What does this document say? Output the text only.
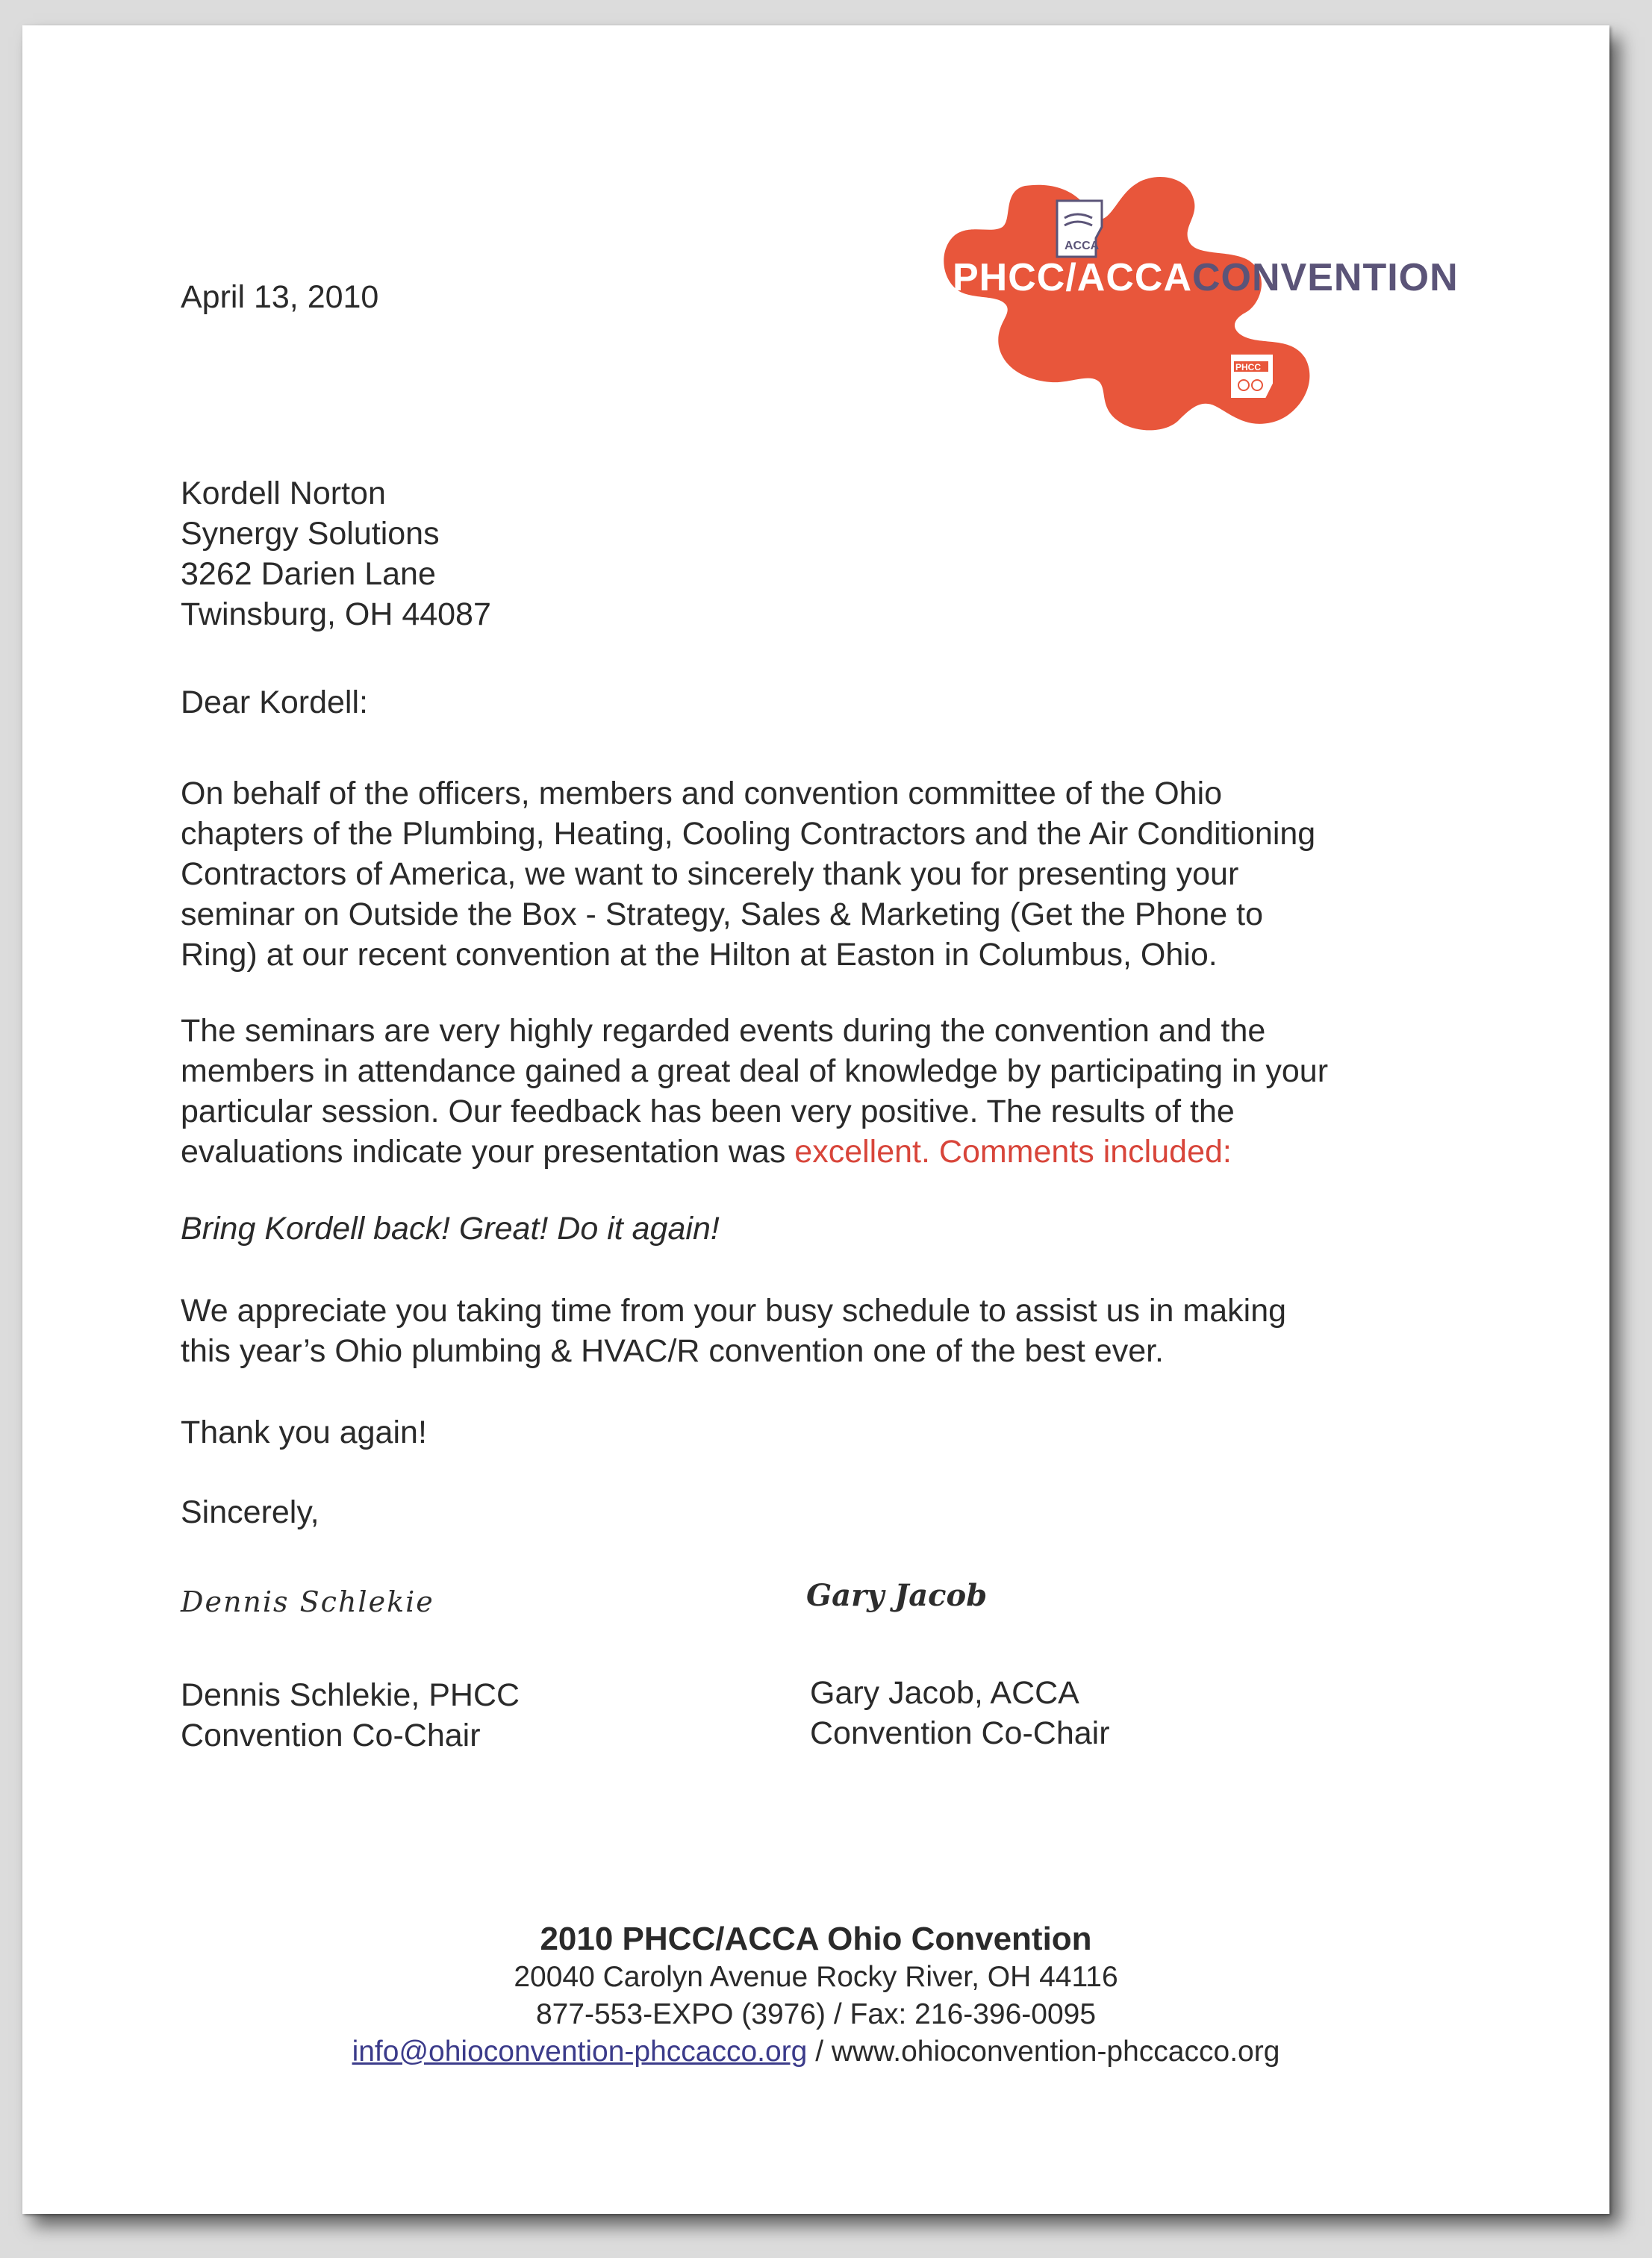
ACCA
PHCC
PHCC/ACCACONVENTION
April 13, 2010
Kordell Norton
Synergy Solutions
3262 Darien Lane
Twinsburg, OH 44087
Dear Kordell:
On behalf of the officers, members and convention committee of the Ohio
chapters of the Plumbing, Heating, Cooling Contractors and the Air Conditioning
Contractors of America, we want to sincerely thank you for presenting your
seminar on Outside the Box - Strategy, Sales & Marketing (Get the Phone to
Ring) at our recent convention at the Hilton at Easton in Columbus, Ohio.
The seminars are very highly regarded events during the convention and the
members in attendance gained a great deal of knowledge by participating in your
particular session. Our feedback has been very positive. The results of the
evaluations indicate your presentation was excellent. Comments included:
Bring Kordell back! Great! Do it again!
We appreciate you taking time from your busy schedule to assist us in making
this year’s Ohio plumbing & HVAC/R convention one of the best ever.
Thank you again!
Sincerely,
Dennis Schlekie	Gary Jacob
Dennis Schlekie, PHCC
Convention Co-Chair
Gary Jacob, ACCA
Convention Co-Chair
2010 PHCC/ACCA Ohio Convention
20040 Carolyn Avenue Rocky River, OH 44116
877-553-EXPO (3976) / Fax: 216-396-0095
info@ohioconvention-phccacco.org / www.ohioconvention-phccacco.org
